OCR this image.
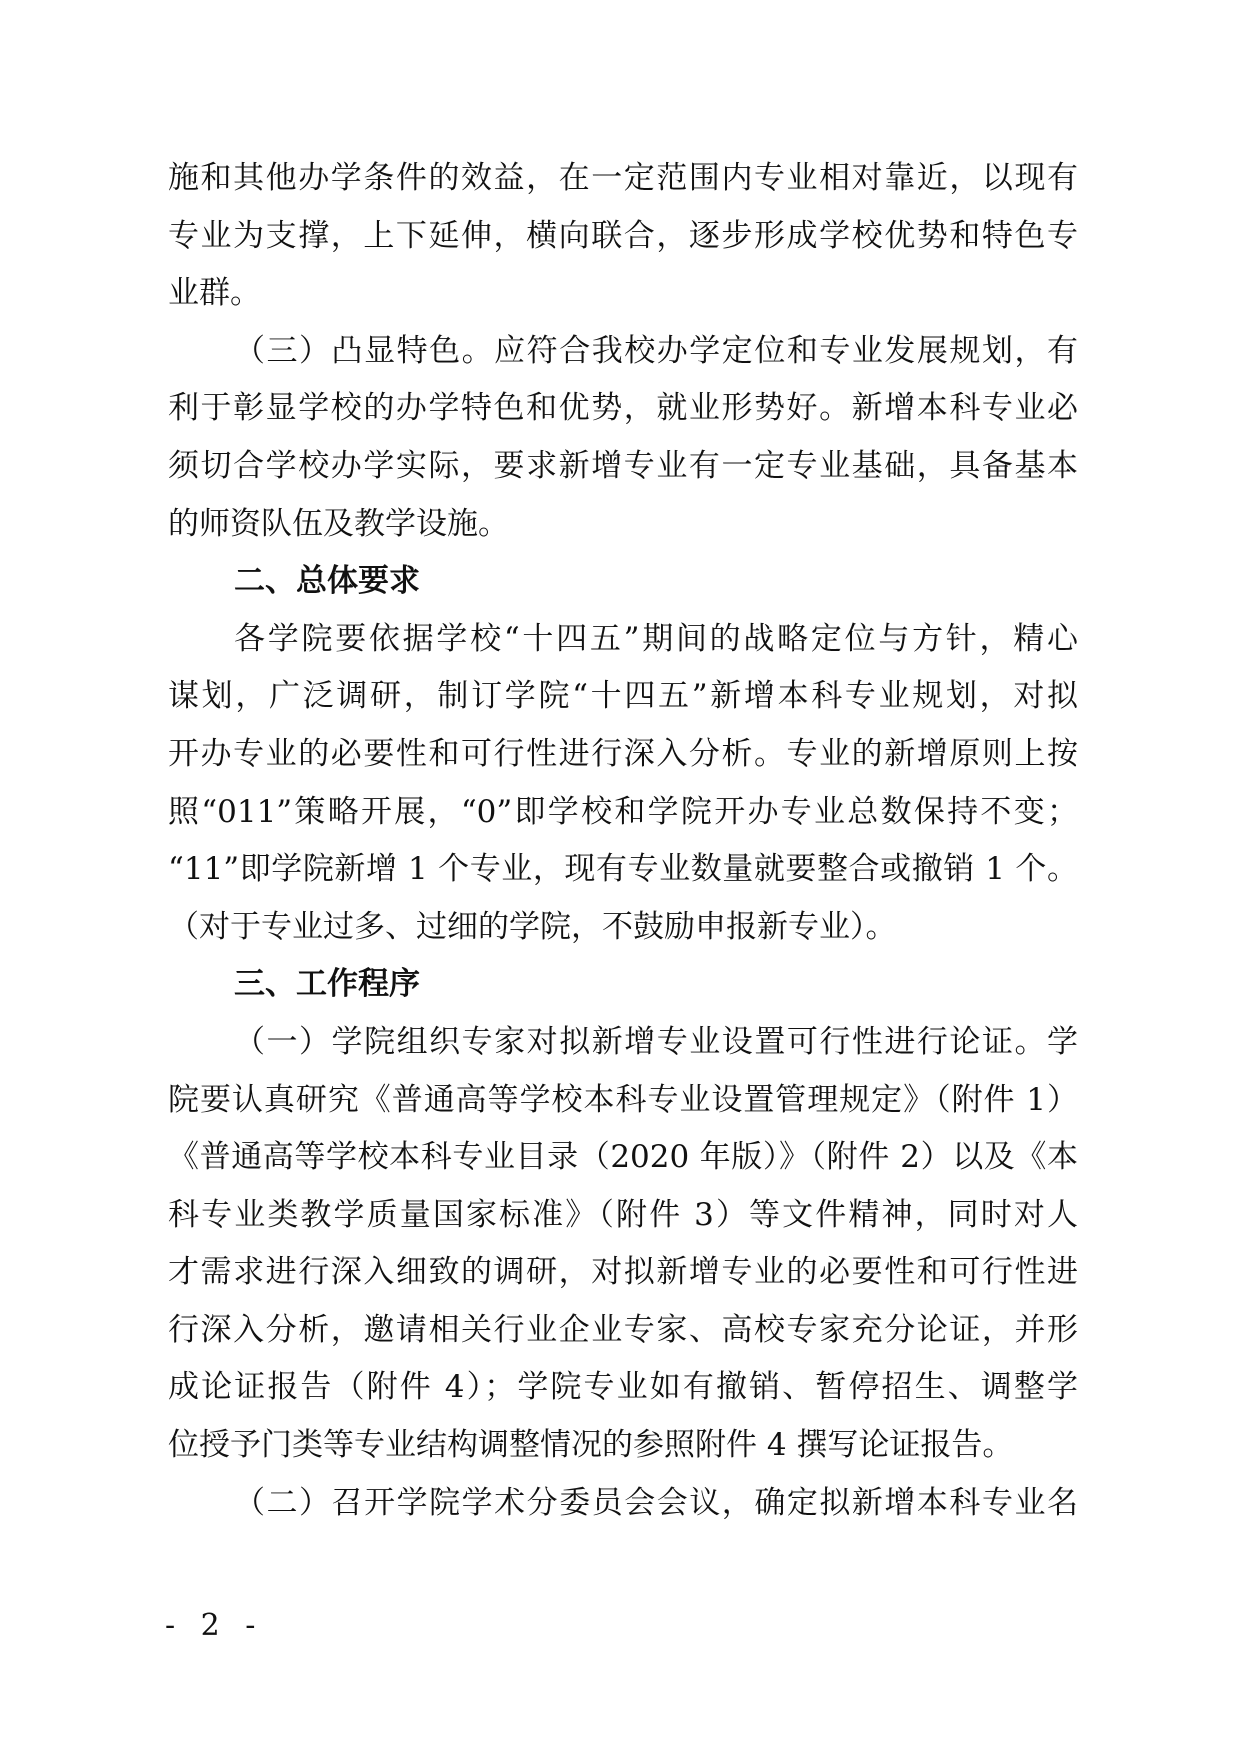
施和其他办学条件的效益，在一定范围内专业相对靠近，以现有
专业为支撑，上下延伸，横向联合，逐步形成学校优势和特色专
业群。
（三）凸显特色。应符合我校办学定位和专业发展规划，有
利于彰显学校的办学特色和优势，就业形势好。新增本科专业必
须切合学校办学实际，要求新增专业有一定专业基础，具备基本
的师资队伍及教学设施。
二、总体要求
各学院要依据学校“十四五”期间的战略定位与方针，精心
谋划，广泛调研，制订学院“十四五”新增本科专业规划，对拟
开办专业的必要性和可行性进行深入分析。专业的新增原则上按
照“011”策略开展，“0”即学校和学院开办专业总数保持不变；
“11”即学院新增 1 个专业，现有专业数量就要整合或撤销 1 个。
（对于专业过多、过细的学院，不鼓励申报新专业）。
三、工作程序
（一）学院组织专家对拟新增专业设置可行性进行论证。学
院要认真研究《普通高等学校本科专业设置管理规定》（附件 1）
《普通高等学校本科专业目录（2020 年版）》（附件 2）以及《本
科专业类教学质量国家标准》（附件 3）等文件精神，同时对人
才需求进行深入细致的调研，对拟新增专业的必要性和可行性进
行深入分析，邀请相关行业企业专家、高校专家充分论证，并形
成论证报告（附件 4）；学院专业如有撤销、暂停招生、调整学
位授予门类等专业结构调整情况的参照附件 4 撰写论证报告。
（二）召开学院学术分委员会会议，确定拟新增本科专业名
- 2 -
